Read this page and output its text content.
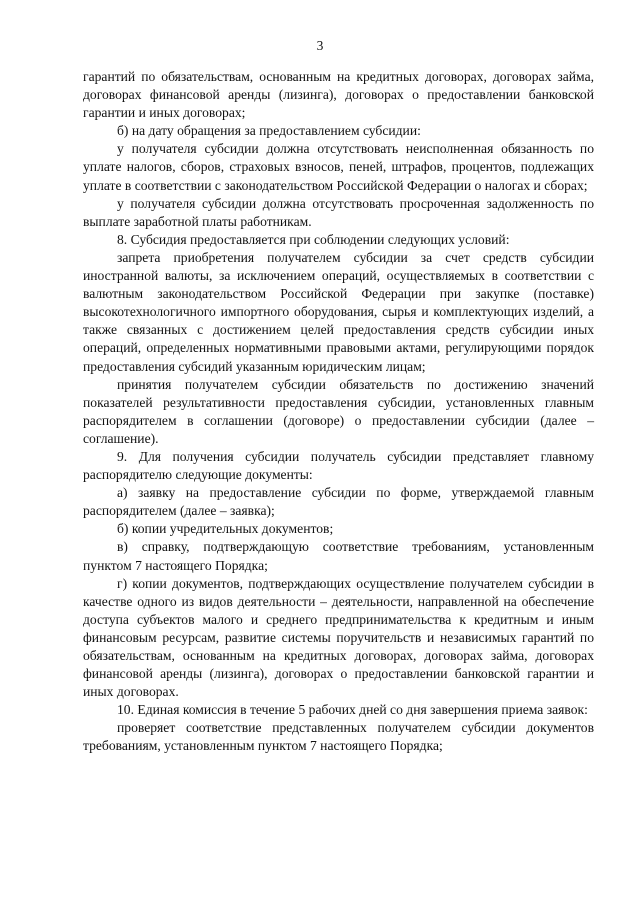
3

гарантий по обязательствам, основанным на кредитных договорах, договорах займа, договорах финансовой аренды (лизинга), договорах о предоставлении банковской гарантии и иных договорах;

б) на дату обращения за предоставлением субсидии:

у получателя субсидии должна отсутствовать неисполненная обязанность по уплате налогов, сборов, страховых взносов, пеней, штрафов, процентов, подлежащих уплате в соответствии с законодательством Российской Федерации о налогах и сборах;

у получателя субсидии должна отсутствовать просроченная задолженность по выплате заработной платы работникам.

8. Субсидия предоставляется при соблюдении следующих условий:

запрета приобретения получателем субсидии за счет средств субсидии иностранной валюты, за исключением операций, осуществляемых в соответствии с валютным законодательством Российской Федерации при закупке (поставке) высокотехнологичного импортного оборудования, сырья и комплектующих изделий, а также связанных с достижением целей предоставления средств субсидии иных операций, определенных нормативными правовыми актами, регулирующими порядок предоставления субсидий указанным юридическим лицам;

принятия получателем субсидии обязательств по достижению значений показателей результативности предоставления субсидии, установленных главным распорядителем в соглашении (договоре) о предоставлении субсидии (далее – соглашение).

9. Для получения субсидии получатель субсидии представляет главному распорядителю следующие документы:

а) заявку на предоставление субсидии по форме, утверждаемой главным распорядителем (далее – заявка);

б) копии учредительных документов;

в) справку, подтверждающую соответствие требованиям, установленным пунктом 7 настоящего Порядка;

г) копии документов, подтверждающих осуществление получателем субсидии в качестве одного из видов деятельности – деятельности, направленной на обеспечение доступа субъектов малого и среднего предпринимательства к кредитным и иным финансовым ресурсам, развитие системы поручительств и независимых гарантий по обязательствам, основанным на кредитных договорах, договорах займа, договорах финансовой аренды (лизинга), договорах о предоставлении банковской гарантии и иных договорах.

10. Единая комиссия в течение 5 рабочих дней со дня завершения приема заявок:

проверяет соответствие представленных получателем субсидии документов требованиям, установленным пунктом 7 настоящего Порядка;
